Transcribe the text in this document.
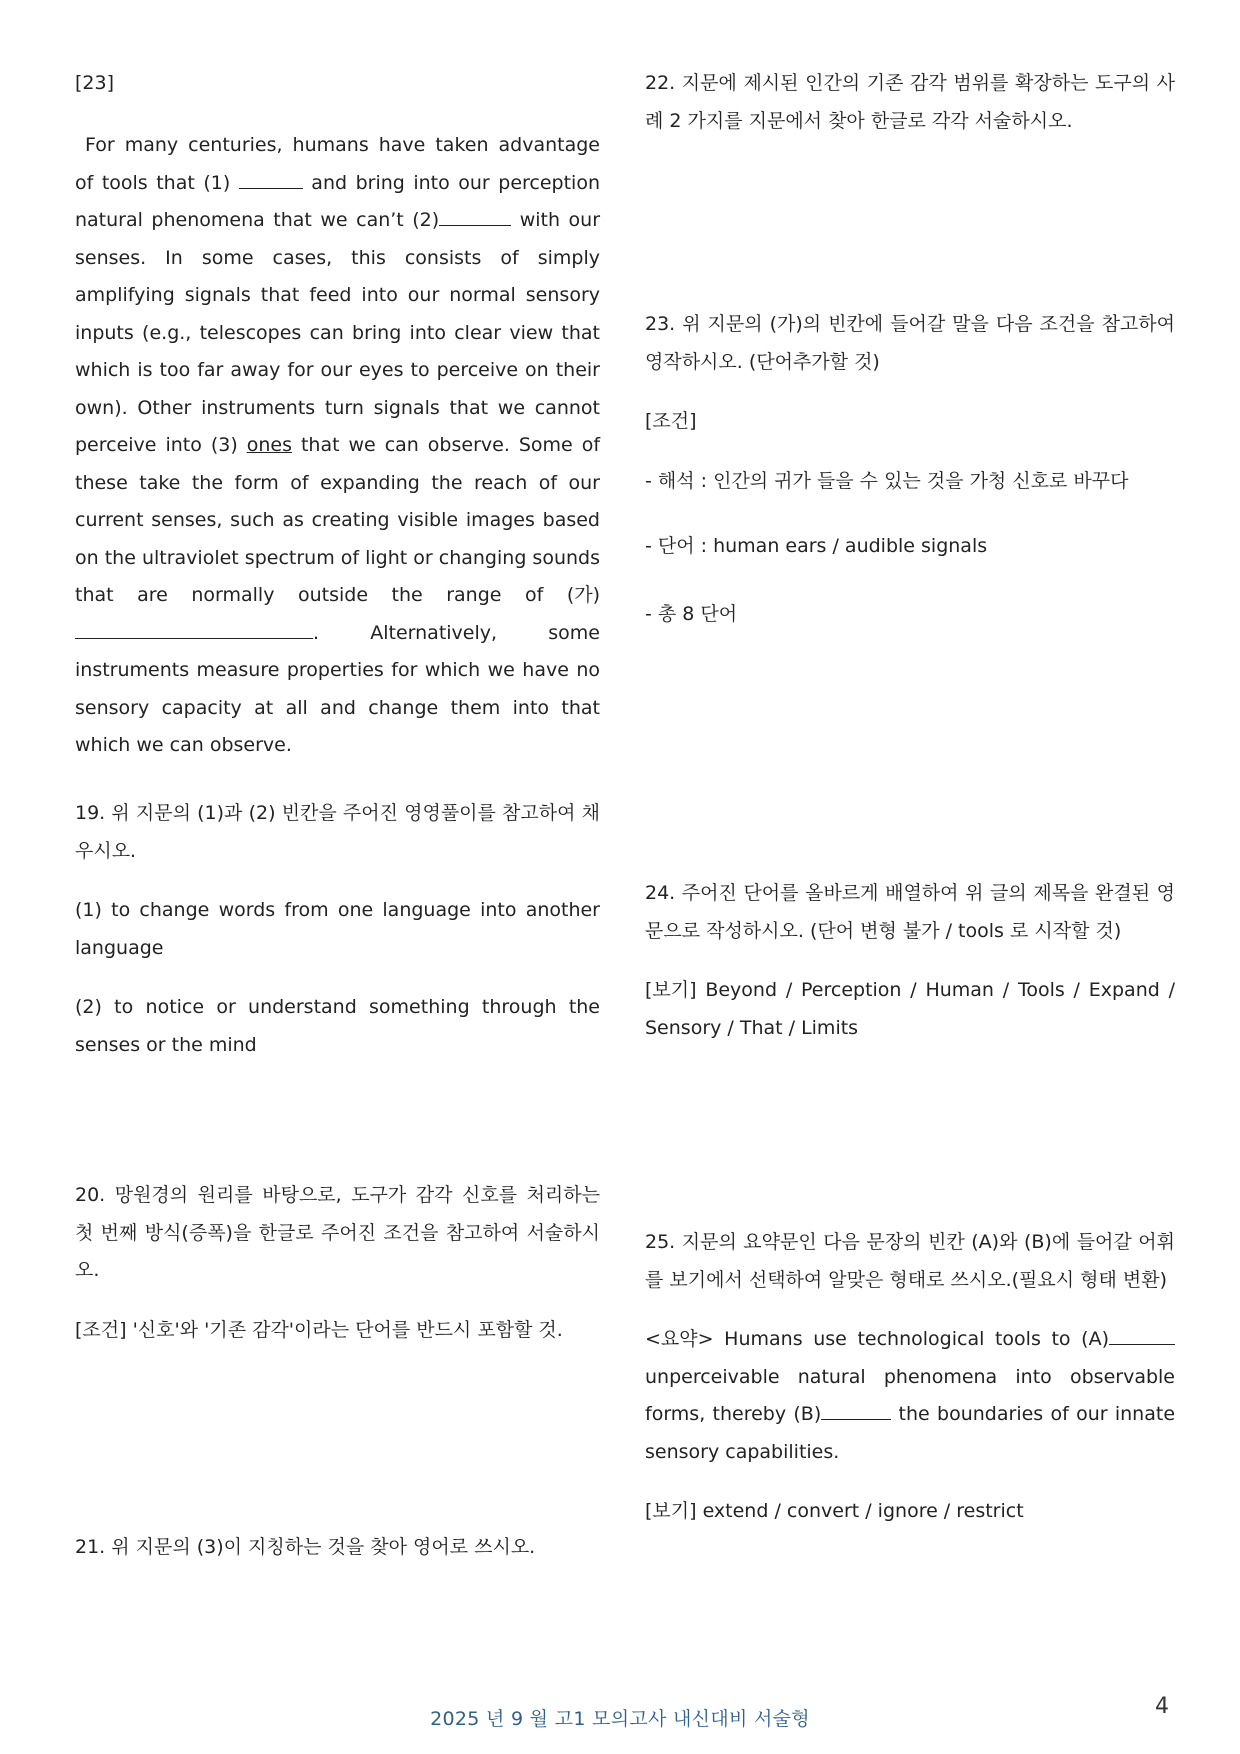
[23]

For many centuries, humans have taken advantage of tools that (1)	and bring into our perception natural phenomena that we can’t (2)	with our senses. In some cases, this consists of simply amplifying signals that feed into our normal sensory inputs (e.g., telescopes can bring into clear view that which is too far away for our eyes to perceive on their own). Other instruments turn signals that we cannot perceive into (3) ones that we can observe. Some of these take the form of expanding the reach of our current senses, such as creating visible images based on the ultraviolet spectrum of light or changing sounds that are normally outside the range of (가) . Alternatively, some instruments measure properties for which we have no sensory capacity at all and change them into that which we can observe.

19. 위 지문의 (1)과 (2) 빈칸을 주어진 영영풀이를 참고하여 채우시오.

(1) to change words from one language into another language

(2) to notice or understand something through the senses or the mind

20. 망원경의 원리를 바탕으로, 도구가 감각 신호를 처리하는 첫 번째 방식(증폭)을 한글로 주어진 조건을 참고하여 서술하시오.

[조건] '신호'와 '기존 감각'이라는 단어를 반드시 포함할 것.

21. 위 지문의 (3)이 지칭하는 것을 찾아 영어로 쓰시오.

22. 지문에 제시된 인간의 기존 감각 범위를 확장하는 도구의 사례 2 가지를 지문에서 찾아 한글로 각각 서술하시오.

23. 위 지문의 (가)의 빈칸에 들어갈 말을 다음 조건을 참고하여 영작하시오. (단어추가할 것)

[조건]

- 해석 : 인간의 귀가 들을 수 있는 것을 가청 신호로 바꾸다

- 단어 : human ears / audible signals

- 총 8 단어

24. 주어진 단어를 올바르게 배열하여 위 글의 제목을 완결된 영문으로 작성하시오. (단어 변형 불가 / tools 로 시작할 것)

[보기] Beyond / Perception / Human / Tools / Expand / Sensory / That / Limits

25. 지문의 요약문인 다음 문장의 빈칸 (A)와 (B)에 들어갈 어휘를 보기에서 선택하여 알맞은 형태로 쓰시오.(필요시 형태 변환)

<요약> Humans use technological tools to (A) unperceivable natural phenomena into observable forms, thereby (B)	the boundaries of our innate sensory capabilities.

[보기] extend / convert / ignore / restrict

2025 년 9 월 고1 모의고사 내신대비 서술형	4
